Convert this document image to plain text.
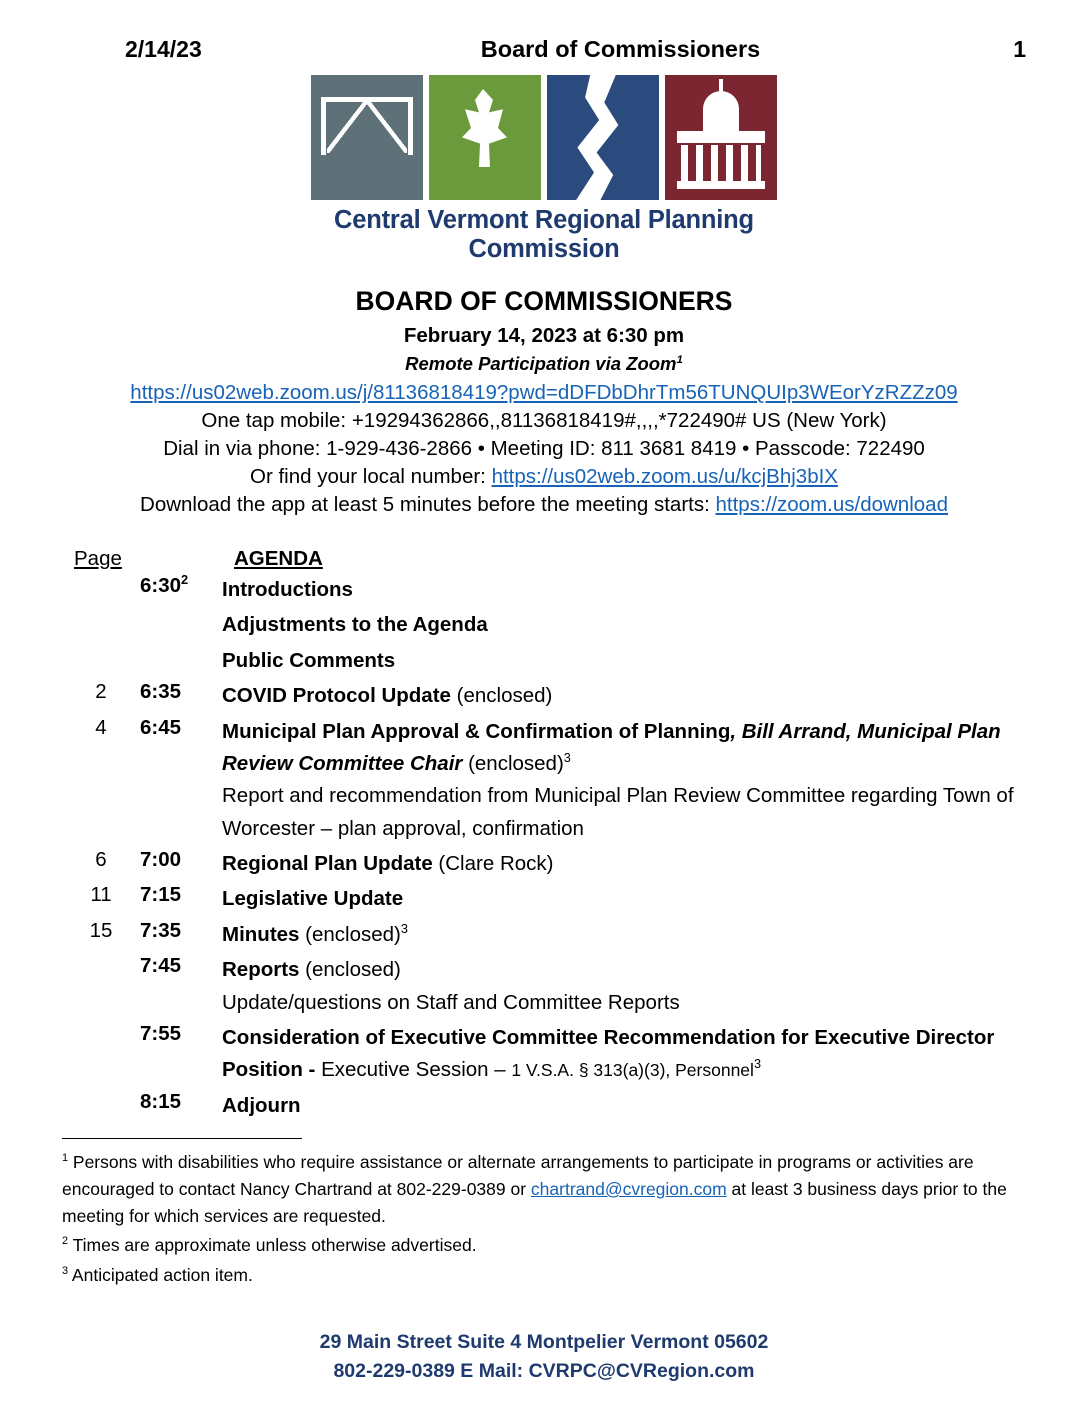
2/14/23	Board of Commissioners	1
Central Vermont Regional Planning Commission
BOARD OF COMMISSIONERS
February 14, 2023 at 6:30 pm
Remote Participation via Zoom$^1$
https://us02web.zoom.us/j/81136818419?pwd=dDFDbDhrTm56TUNQUIp3WEorYzRZZz09
One tap mobile: +19294362866,,81136818419#,,,,*722490# US (New York)
Dial in via phone: 1-929-436-2866 • Meeting ID: 811 3681 8419 • Passcode: 722490
Or find your local number: https://us02web.zoom.us/u/kcjBhj3bIX
Download the app at least 5 minutes before the meeting starts: https://zoom.us/download
Page	AGENDA
$6:30^2$	Introductions
Adjustments to the Agenda
Public Comments
2	6:35	COVID Protocol Update (enclosed)
4	6:45	Municipal Plan Approval & Confirmation of Planning, Bill Arrand, Municipal Plan Review Committee Chair (enclosed)$^3$
Report and recommendation from Municipal Plan Review Committee regarding Town of Worcester – plan approval, confirmation
6	7:00	Regional Plan Update (Clare Rock)
11	7:15	Legislative Update
15	7:35	Minutes (enclosed)$^3$
7:45	Reports (enclosed)
Update/questions on Staff and Committee Reports
7:55	Consideration of Executive Committee Recommendation for Executive Director Position - Executive Session – 1 V.S.A. § 313(a)(3), Personnel$^3$
8:15	Adjourn

$^1$ Persons with disabilities who require assistance or alternate arrangements to participate in programs or activities are encouraged to contact Nancy Chartrand at 802-229-0389 or chartrand@cvregion.com at least 3 business days prior to the meeting for which services are requested.

$^2$ Times are approximate unless otherwise advertised.

$^3$ Anticipated action item.

29 Main Street Suite 4 Montpelier Vermont 05602
802-229-0389 E Mail: CVRPC@CVRegion.com
